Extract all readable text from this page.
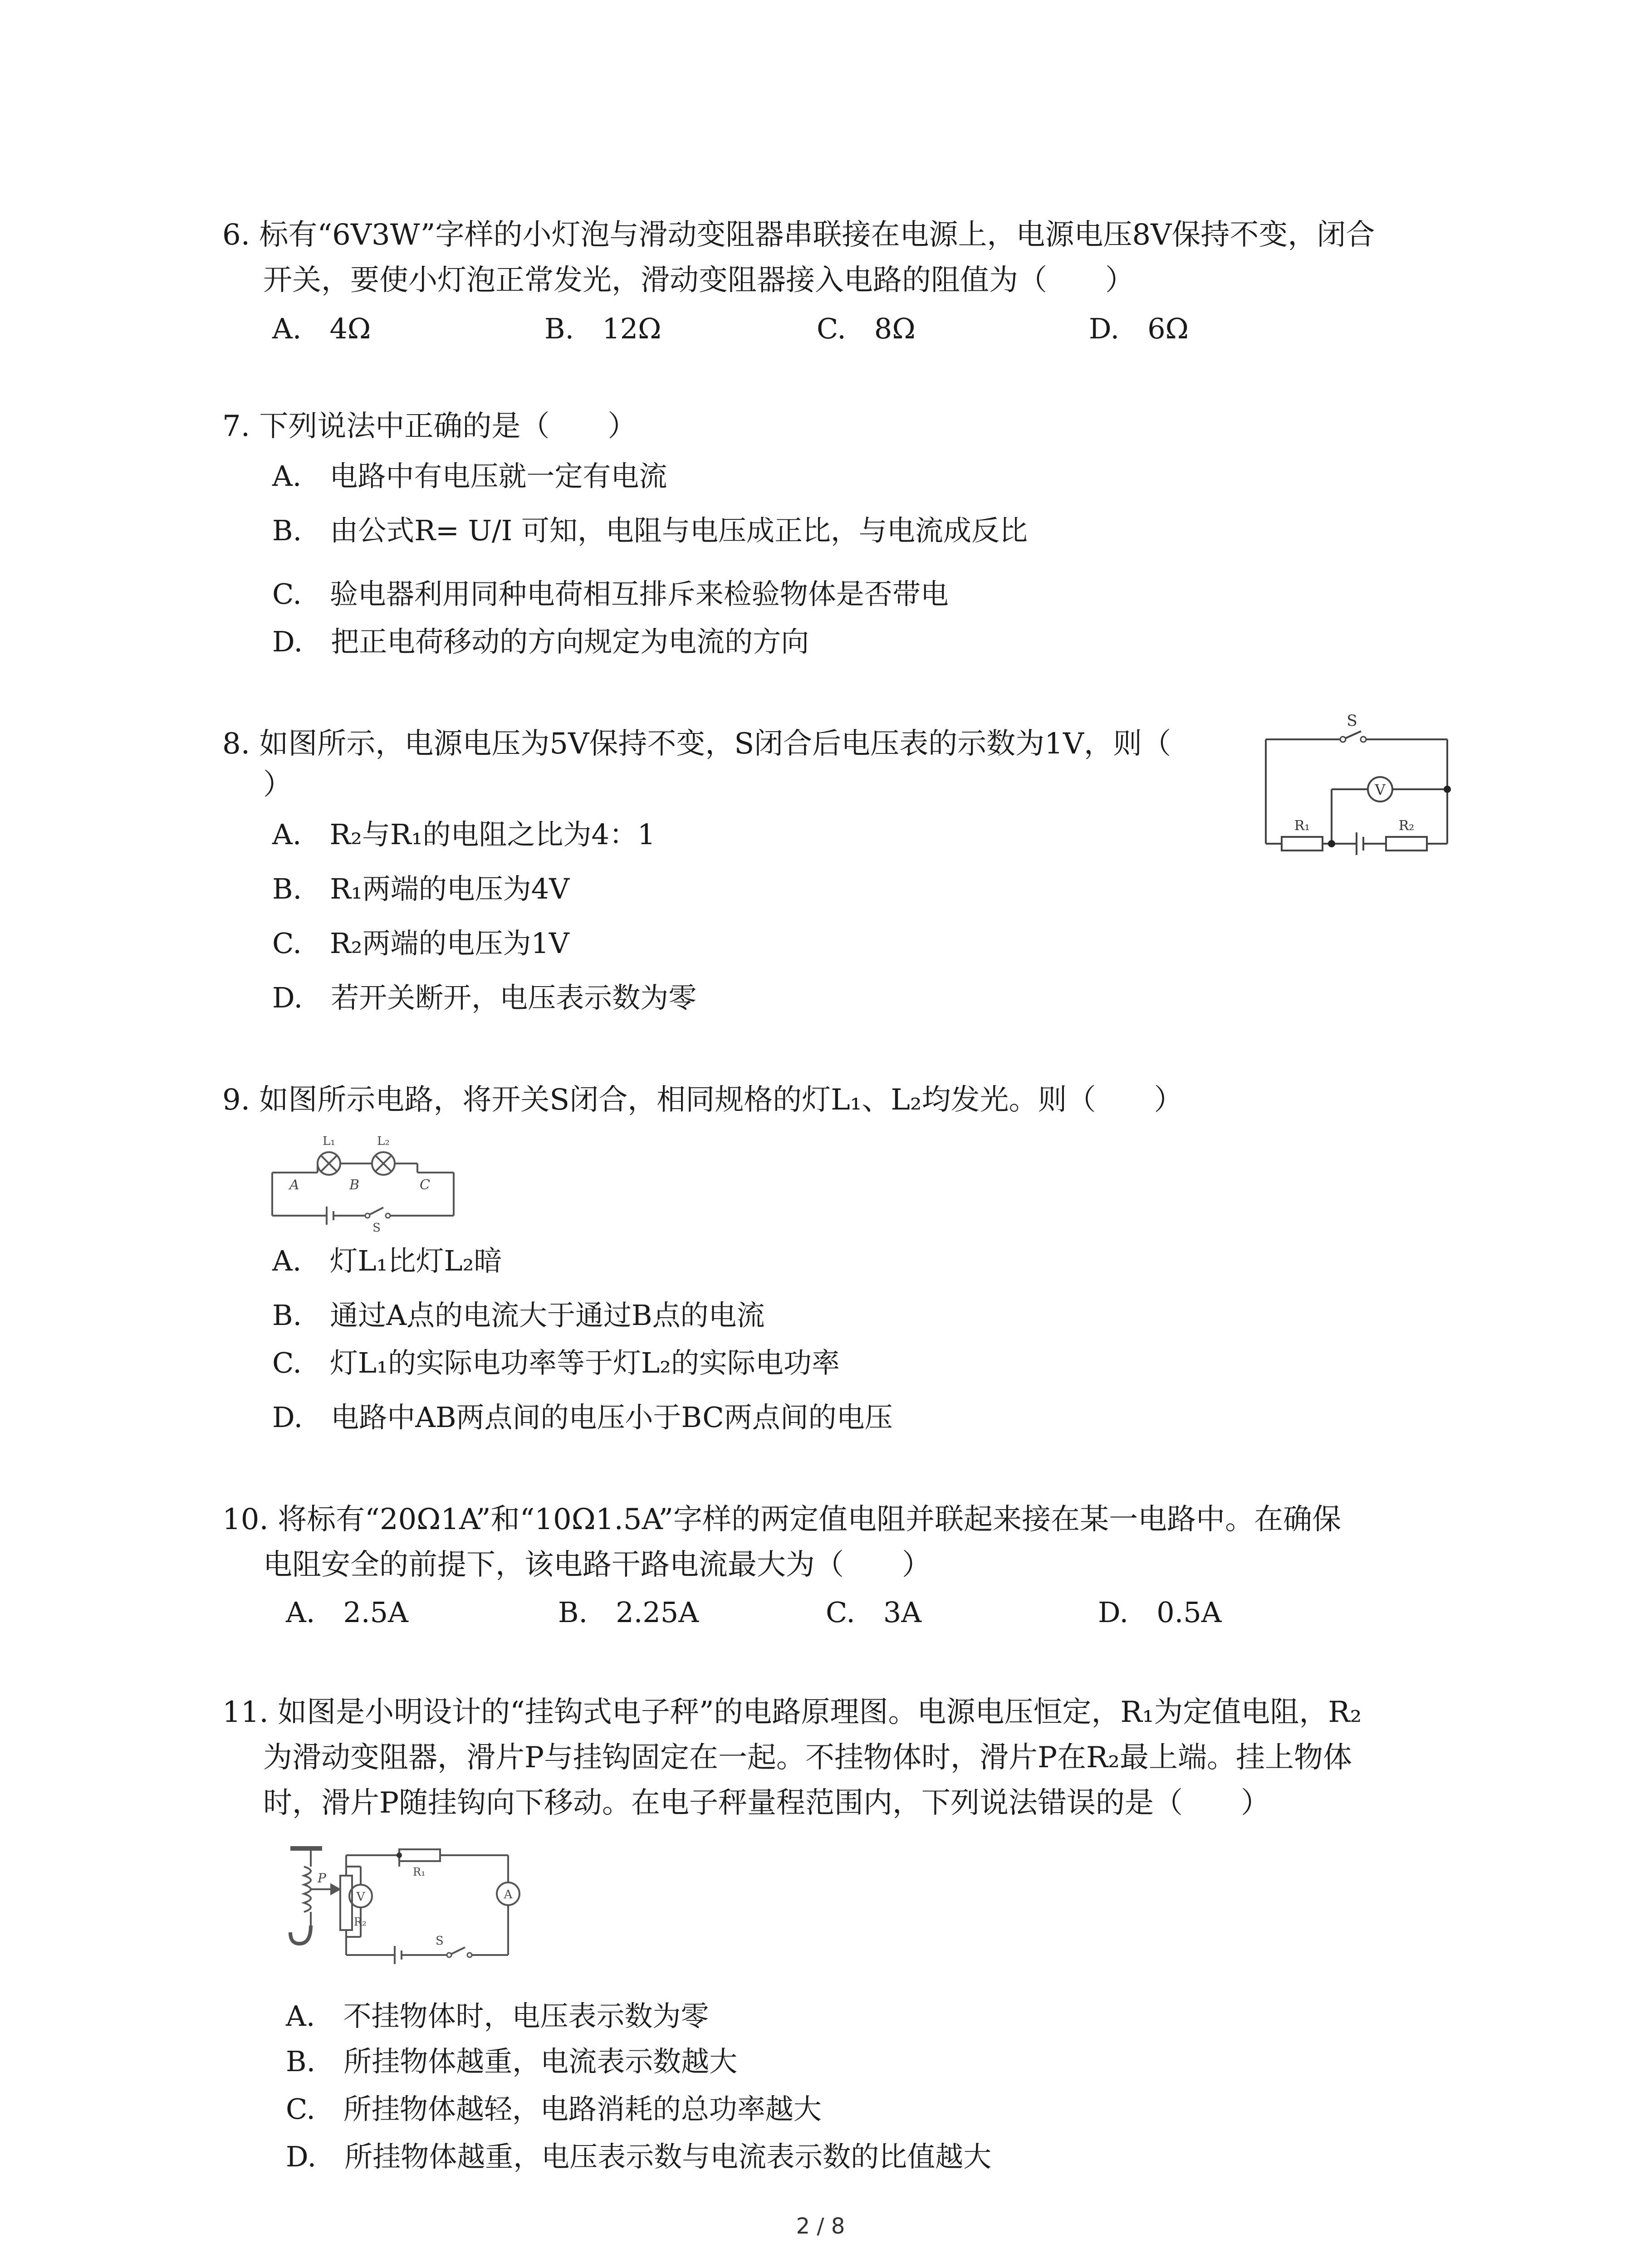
6. 标有“6V3W”字样的小灯泡与滑动变阻器串联接在电源上，电源电压8V保持不变，闭合
开关，要使小灯泡正常发光，滑动变阻器接入电路的阻值为（　　）
A.　4Ω	B.　12Ω	C.　8Ω	D.　6Ω
7. 下列说法中正确的是（　　）
A.　电路中有电压就一定有电流
B.　由公式R= U/I 可知，电阻与电压成正比，与电流成反比
C.　验电器利用同种电荷相互排斥来检验物体是否带电
D.　把正电荷移动的方向规定为电流的方向
8. 如图所示，电源电压为5V保持不变，S闭合后电压表的示数为1V，则（
）
A.　R₂与R₁的电阻之比为4：1
B.　R₁两端的电压为4V
C.　R₂两端的电压为1V
D.　若开关断开，电压表示数为零
S
V
R₁	R₂
9. 如图所示电路，将开关S闭合，相同规格的灯L₁、L₂均发光。则（　　）
L₁	L₂
A	B	C
S
A.　灯L₁比灯L₂暗
B.　通过A点的电流大于通过B点的电流
C.　灯L₁的实际电功率等于灯L₂的实际电功率
D.　电路中AB两点间的电压小于BC两点间的电压
10. 将标有“20Ω1A”和“10Ω1.5A”字样的两定值电阻并联起来接在某一电路中。在确保
电阻安全的前提下，该电路干路电流最大为（　　）
A.　2.5A	B.　2.25A	C.　3A	D.　0.5A
11. 如图是小明设计的“挂钩式电子秤”的电路原理图。电源电压恒定，R₁为定值电阻，R₂
为滑动变阻器，滑片P与挂钩固定在一起。不挂物体时，滑片P在R₂最上端。挂上物体
时，滑片P随挂钩向下移动。在电子秤量程范围内，下列说法错误的是（　　）
P
V	A
R₁
R₂
S
A.　不挂物体时，电压表示数为零
B.　所挂物体越重，电流表示数越大
C.　所挂物体越轻，电路消耗的总功率越大
D.　所挂物体越重，电压表示数与电流表示数的比值越大
2 / 8
